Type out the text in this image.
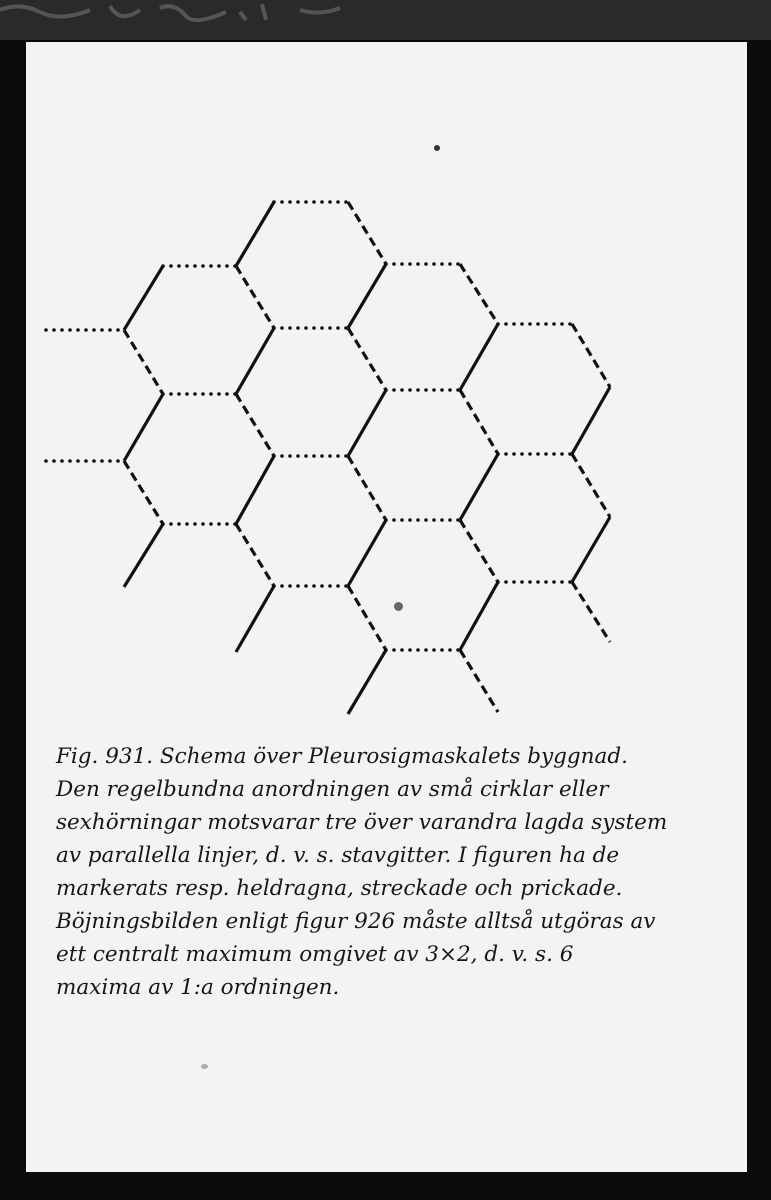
Fig. 931. Schema över Pleurosigmaskalets byggnad.
Den regelbundna anordningen av små cirklar eller
sexhörningar motsvarar tre över varandra lagda system
av parallella linjer, d. v. s. stavgitter. I figuren ha de
markerats resp. heldragna, streckade och prickade.
Böjningsbilden enligt figur 926 måste alltså utgöras av
ett centralt maximum omgivet av 3×2, d. v. s. 6
maxima av 1:a ordningen.
